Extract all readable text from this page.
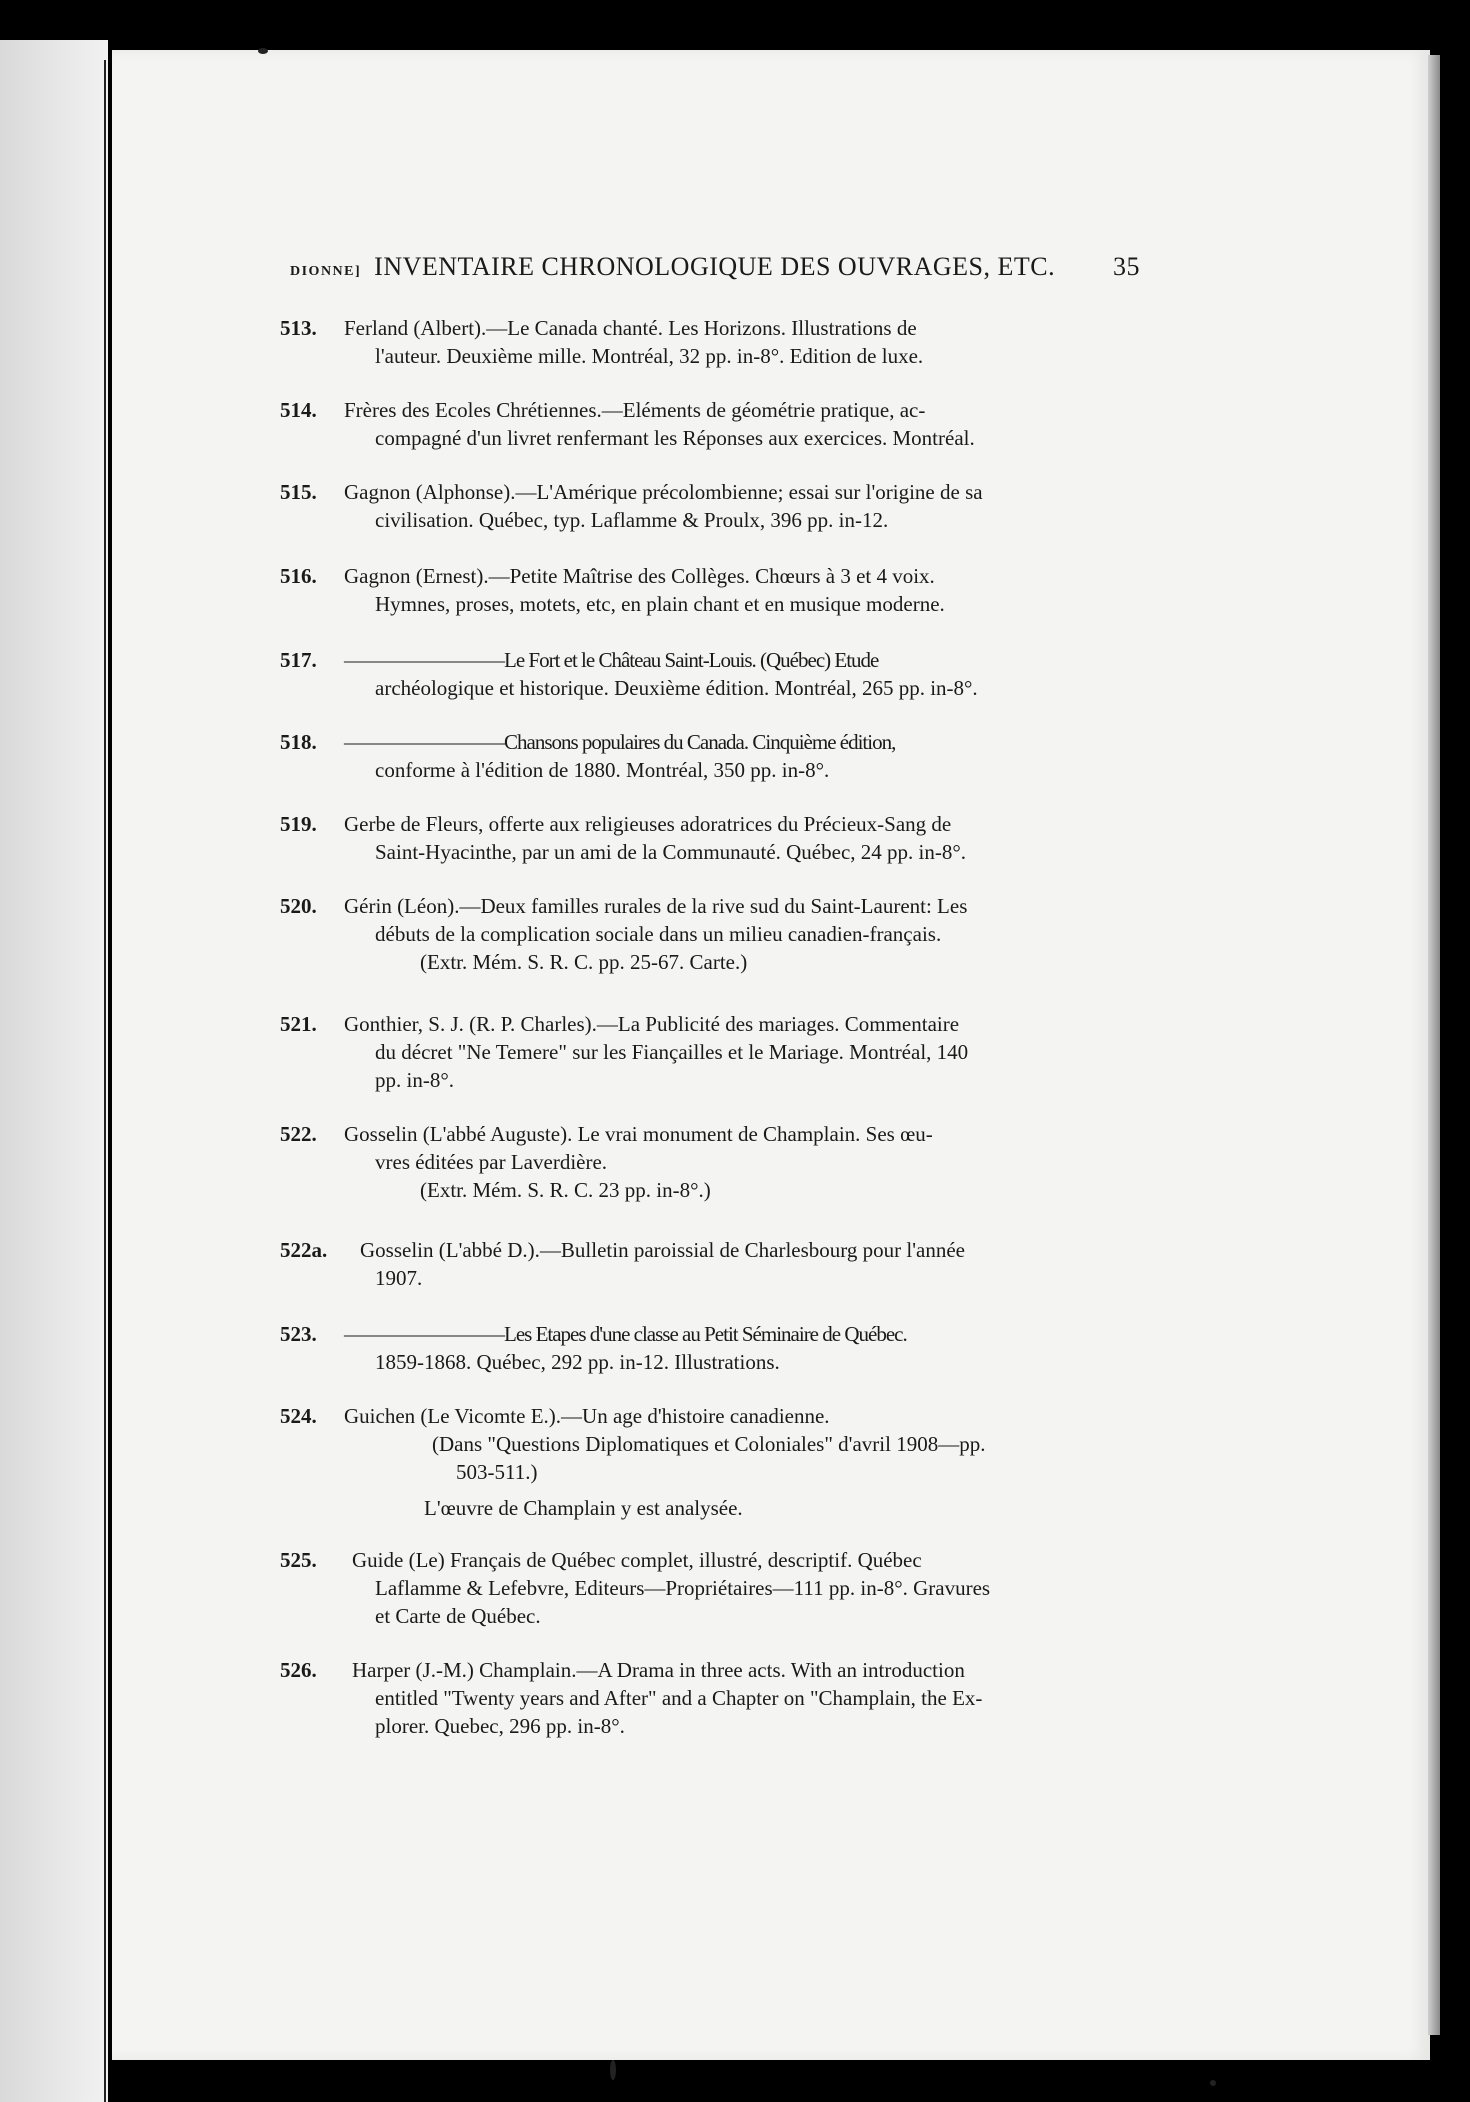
DIONNE] INVENTAIRE CHRONOLOGIQUE DES OUVRAGES, ETC. 35
513.	Ferland (Albert).—Le Canada chanté. Les Horizons. Illustrations de
l'auteur. Deuxième mille. Montréal, 32 pp. in-8°. Edition de luxe.
514.	Frères des Ecoles Chrétiennes.—Eléments de géométrie pratique, ac-
compagné d'un livret renfermant les Réponses aux exercices. Montréal.
515.	Gagnon (Alphonse).—L'Amérique précolombienne; essai sur l'origine de sa
civilisation. Québec, typ. Laflamme & Proulx, 396 pp. in-12.
516.	Gagnon (Ernest).—Petite Maîtrise des Collèges. Chœurs à 3 et 4 voix.
Hymnes, proses, motets, etc, en plain chant et en musique moderne.
517.	————————Le Fort et le Château Saint-Louis. (Québec) Etude
archéologique et historique. Deuxième édition. Montréal, 265 pp. in-8°.
518.	————————Chansons populaires du Canada. Cinquième édition,
conforme à l'édition de 1880. Montréal, 350 pp. in-8°.
519.	Gerbe de Fleurs, offerte aux religieuses adoratrices du Précieux-Sang de
Saint-Hyacinthe, par un ami de la Communauté. Québec, 24 pp. in-8°.
520.	Gérin (Léon).—Deux familles rurales de la rive sud du Saint-Laurent: Les
débuts de la complication sociale dans un milieu canadien-français.
(Extr. Mém. S. R. C. pp. 25-67. Carte.)
521.	Gonthier, S. J. (R. P. Charles).—La Publicité des mariages. Commentaire
du décret "Ne Temere" sur les Fiançailles et le Mariage. Montréal, 140
pp. in-8°.
522.	Gosselin (L'abbé Auguste). Le vrai monument de Champlain. Ses œu-
vres éditées par Laverdière.
(Extr. Mém. S. R. C. 23 pp. in-8°.)
522a.	Gosselin (L'abbé D.).—Bulletin paroissial de Charlesbourg pour l'année
1907.
523.	————————Les Etapes d'une classe au Petit Séminaire de Québec.
1859-1868. Québec, 292 pp. in-12. Illustrations.
524.	Guichen (Le Vicomte E.).—Un age d'histoire canadienne.
(Dans "Questions Diplomatiques et Coloniales" d'avril 1908—pp.
503-511.)
L'œuvre de Champlain y est analysée.
525.	Guide (Le) Français de Québec complet, illustré, descriptif. Québec
Laflamme & Lefebvre, Editeurs—Propriétaires—111 pp. in-8°. Gravures
et Carte de Québec.
526.	Harper (J.-M.) Champlain.—A Drama in three acts. With an introduction
entitled "Twenty years and After" and a Chapter on "Champlain, the Ex-
plorer. Quebec, 296 pp. in-8°.
